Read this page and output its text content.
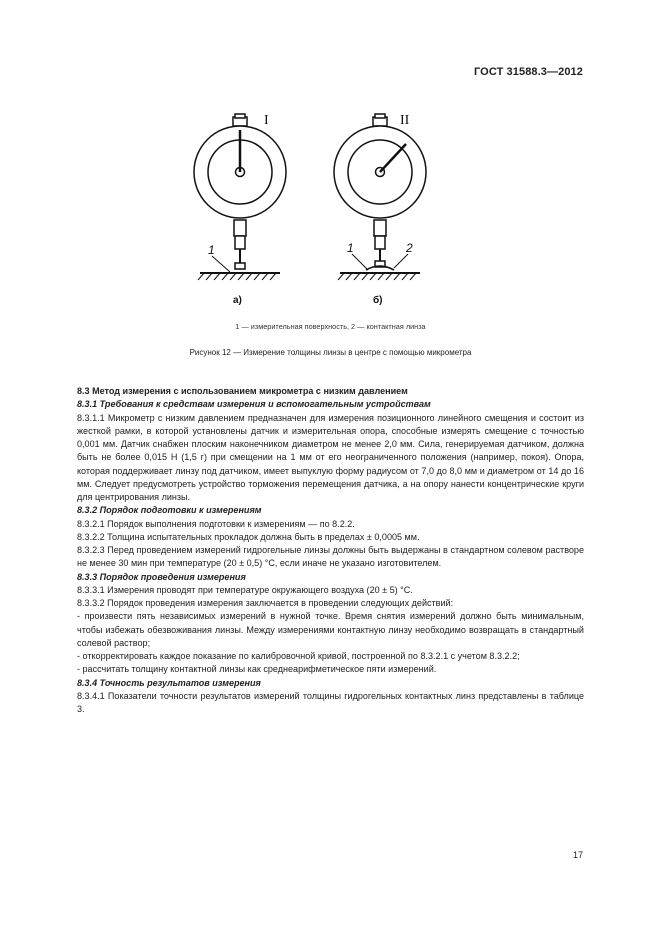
ГОСТ 31588.3—2012
I	II
1	1	2
а)	б)
1 — измерительная поверхность, 2 — контактная линза
Рисунок 12 — Измерение толщины линзы в центре с помощью микрометра
8.3 Метод измерения с использованием микрометра с низким давлением
8.3.1 Требования к средствам измерения и вспомогательным устройствам
8.3.1.1 Микрометр с низким давлением предназначен для измерения позиционного линейного смещения и состоит из жесткой рамки, в которой установлены датчик и измерительная опора, способные измерять смещение с точностью 0,001 мм. Датчик снабжен плоским наконечником диаметром не менее 2,0 мм. Сила, генерируемая датчиком, должна быть не более 0,015 Н (1,5 г) при смещении на 1 мм от его неограниченного положения (например, покоя). Опора, которая поддерживает линзу под датчиком, имеет выпуклую форму радиусом от 7,0 до 8,0 мм и диаметром от 14 до 16 мм. Следует предусмотреть устройство торможения перемещения датчика, а на опору нанести концентрические круги для центрирования линзы.
8.3.2 Порядок подготовки к измерениям
8.3.2.1 Порядок выполнения подготовки к измерениям — по 8.2.2.
8.3.2.2 Толщина испытательных прокладок должна быть в пределах ± 0,0005 мм.
8.3.2.3 Перед проведением измерений гидрогельные линзы должны быть выдержаны в стандартном солевом растворе не менее 30 мин при температуре (20 ± 0,5) °С, если иначе не указано изготовителем.
8.3.3 Порядок проведения измерения
8.3.3.1 Измерения проводят при температуре окружающего воздуха (20 ± 5) °С.
8.3.3.2 Порядок проведения измерения заключается в проведении следующих действий:
- произвести пять независимых измерений в нужной точке. Время снятия измерений должно быть минимальным, чтобы избежать обезвоживания линзы. Между измерениями контактную линзу необходимо возвращать в стандартный солевой раствор;
- откорректировать каждое показание по калибровочной кривой, построенной по 8.3.2.1 с учетом 8.3.2.2;
- рассчитать толщину контактной линзы как среднеарифметическое пяти измерений.
8.3.4 Точность результатов измерения
8.3.4.1 Показатели точности результатов измерений толщины гидрогельных контактных линз представлены в таблице 3.
17
